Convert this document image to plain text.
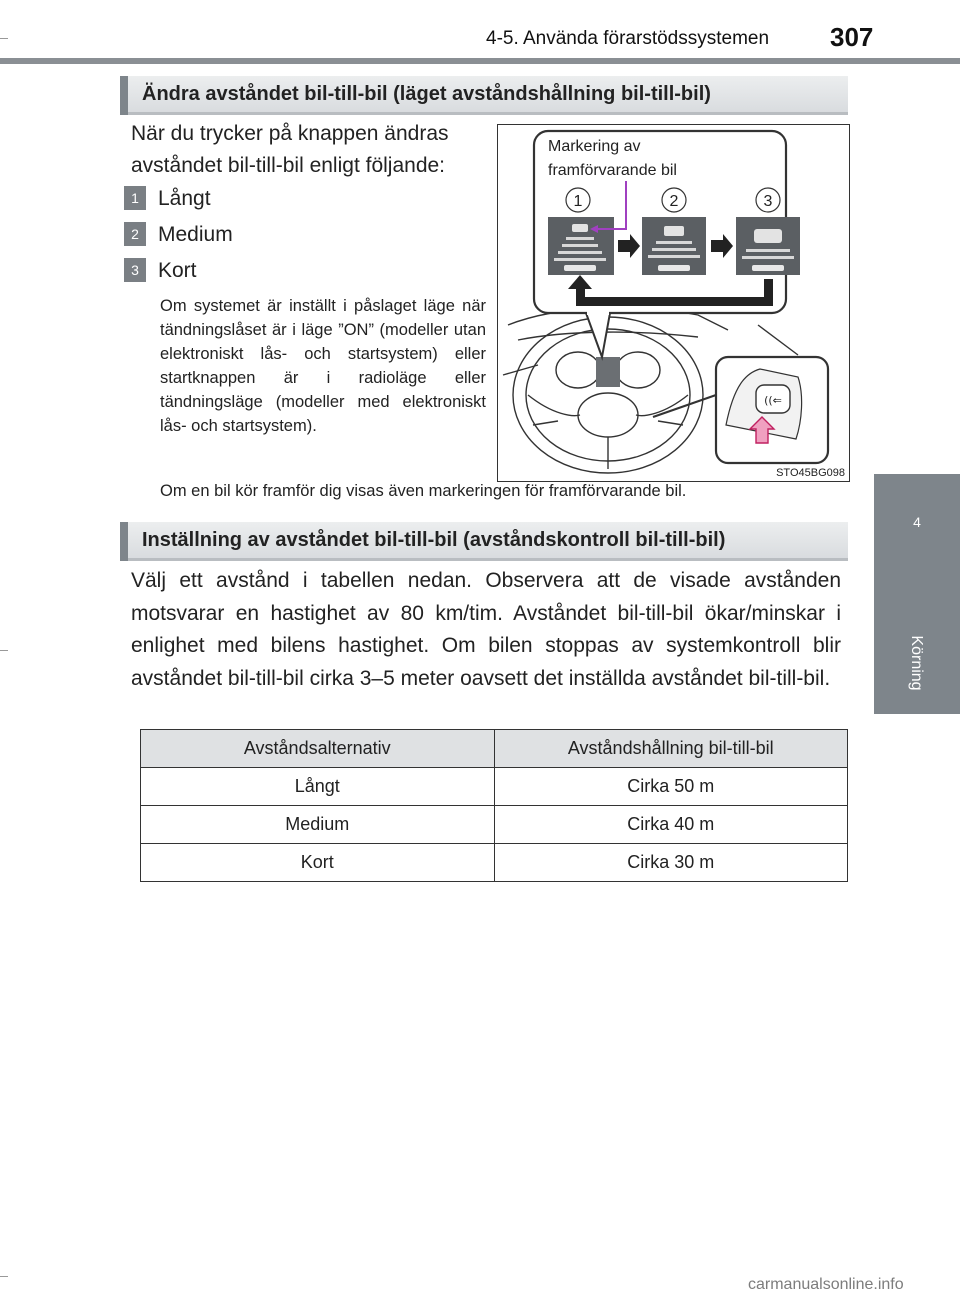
4-5. Använda förarstödssystemen 307
4
Körning
Ändra avståndet bil-till-bil (läget avståndshållning bil-till-bil)
När du trycker på knappen ändras avståndet bil-till-bil enligt följande:
1 Långt
2 Medium
3 Kort
Om systemet är inställt i påslaget läge när tändningslåset är i läge ”ON” (modeller utan elektroniskt lås- och startsystem) eller startknappen är i radioläge eller tändningsläge (modeller med elektroniskt lås- och startsystem).
Markering av
framförvarande bil
1	2	3
((⇐
STO45BG098
Om en bil kör framför dig visas även markeringen för framförvarande bil.
Inställning av avståndet bil-till-bil (avståndskontroll bil-till-bil)
Välj ett avstånd i tabellen nedan. Observera att de visade avstånden motsvarar en hastighet av 80 km/tim. Avståndet bil-till-bil ökar/minskar i enlighet med bilens hastighet. Om bilen stoppas av systemkontroll blir avståndet bil-till-bil cirka 3–5 meter oavsett det inställda avståndet bil-till-bil.
Avståndsalternativ	Avståndshållning bil-till-bil
Långt	Cirka 50 m
Medium	Cirka 40 m
Kort	Cirka 30 m
carmanualsonline.info
